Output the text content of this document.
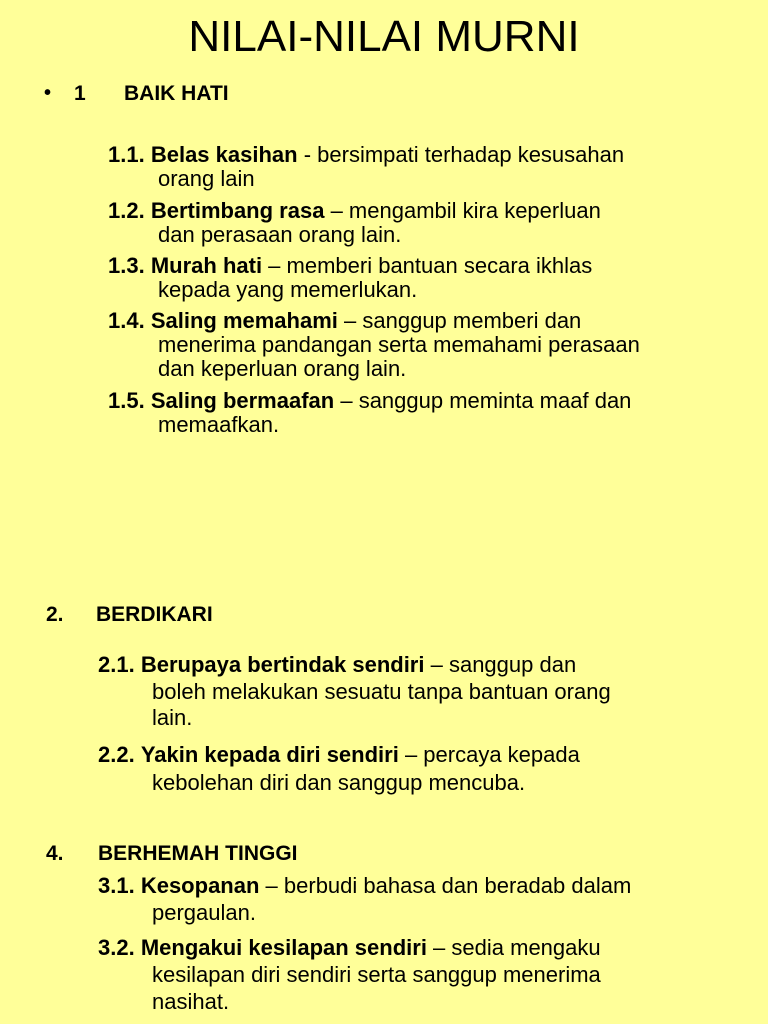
NILAI-NILAI MURNI
• 1 BAIK HATI
1.1. Belas kasihan - bersimpati terhadap kesusahan
orang lain
1.2. Bertimbang rasa – mengambil kira keperluan
dan perasaan orang lain.
1.3. Murah hati – memberi bantuan secara ikhlas
kepada yang memerlukan.
1.4. Saling memahami – sanggup memberi dan
menerima pandangan serta memahami perasaan
dan keperluan orang lain.
1.5. Saling bermaafan – sanggup meminta maaf dan
memaafkan.
2. BERDIKARI
2.1. Berupaya bertindak sendiri – sanggup dan
boleh melakukan sesuatu tanpa bantuan orang
lain.
2.2. Yakin kepada diri sendiri – percaya kepada
kebolehan diri dan sanggup mencuba.
4. BERHEMAH TINGGI
3.1. Kesopanan – berbudi bahasa dan beradab dalam
pergaulan.
3.2. Mengakui kesilapan sendiri – sedia mengaku
kesilapan diri sendiri serta sanggup menerima
nasihat.
